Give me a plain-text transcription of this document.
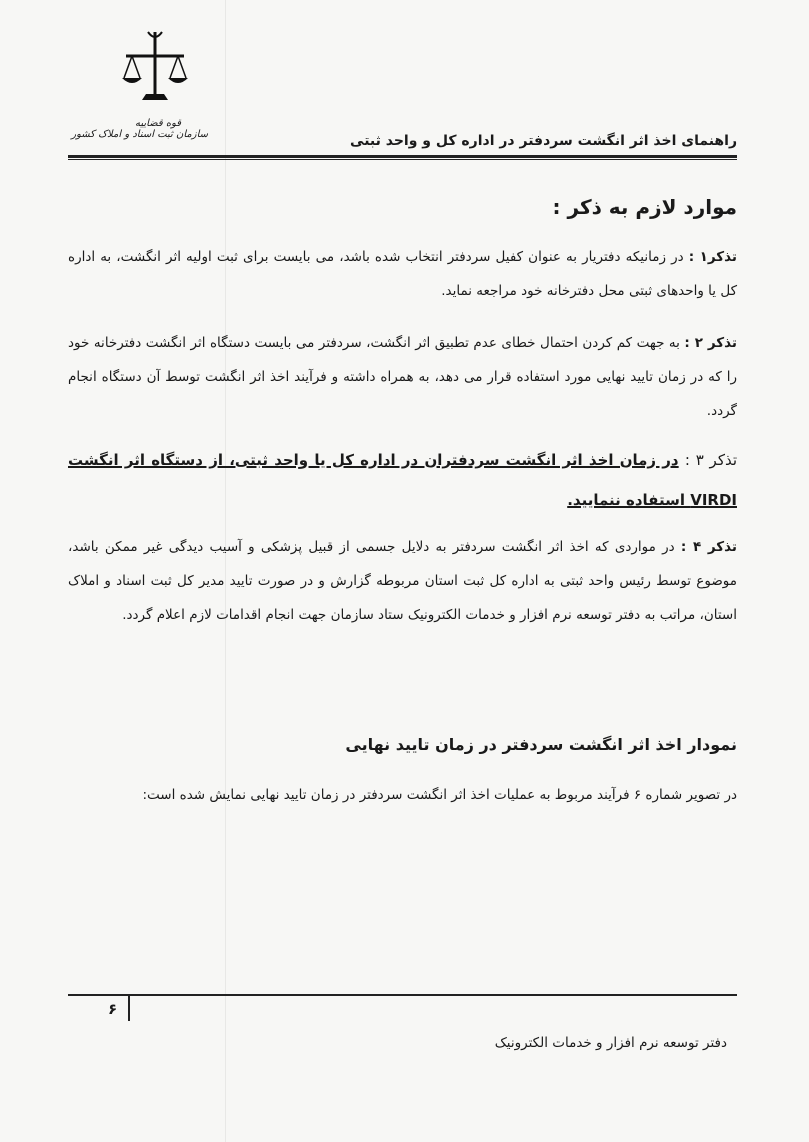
قوه قضاییه
سازمان ثبت اسناد و املاک کشور	راهنمای اخذ اثر انگشت سردفتر در اداره کل و واحد ثبتی
موارد لازم به ذکر :
تذکر۱ : در زمانیکه دفتریار به عنوان کفیل سردفتر انتخاب شده باشد، می بایست برای ثبت اولیه اثر انگشت، به اداره کل یا واحدهای ثبتی محل دفترخانه خود مراجعه نماید.
تذکر ۲ : به جهت کم کردن احتمال خطای عدم تطبیق اثر انگشت، سردفتر می بایست دستگاه اثر انگشت دفترخانه خود را که در زمان تایید نهایی مورد استفاده قرار می دهد، به همراه داشته و فرآیند اخذ اثر انگشت توسط آن دستگاه انجام گردد.
تذکر ۳ : در زمان اخذ اثر انگشت سردفتران در اداره کل یا واحد ثبتی، از دستگاه اثر انگشت VIRDI استفاده ننمایید.
تذکر ۴ : در مواردی که اخذ اثر انگشت سردفتر به دلایل جسمی از قبیل پزشکی و آسیب دیدگی غیر ممکن باشد، موضوع توسط رئیس واحد ثبتی به اداره کل ثبت استان مربوطه گزارش و در صورت تایید مدیر کل ثبت اسناد و املاک استان، مراتب به دفتر توسعه نرم افزار و خدمات الکترونیک ستاد سازمان جهت انجام اقدامات لازم اعلام گردد.
نمودار اخذ اثر انگشت سردفتر در زمان تایید نهایی
در تصویر شماره ۶ فرآیند مربوط به عملیات اخذ اثر انگشت سردفتر در زمان تایید نهایی نمایش شده است:
۶
دفتر توسعه نرم افزار و خدمات الکترونیک
